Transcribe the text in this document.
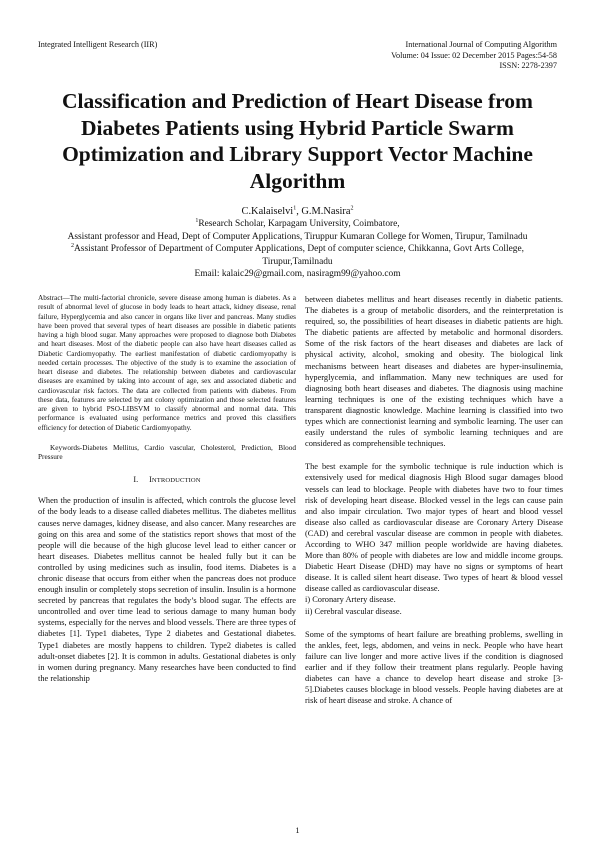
Integrated Intelligent Research (IIR)	International Journal of Computing Algorithm
Volume: 04 Issue: 02 December 2015 Pages:54-58
ISSN: 2278-2397
Classification and Prediction of Heart Disease from Diabetes Patients using Hybrid Particle Swarm Optimization and Library Support Vector Machine Algorithm
C.Kalaiselvi$^1$, G.M.Nasira$^2$
$^1$Research Scholar, Karpagam University, Coimbatore,
Assistant professor and Head, Dept of Computer Applications, Tiruppur Kumaran College for Women, Tirupur, Tamilnadu
$^2$Assistant Professor of Department of Computer Applications, Dept of computer science, Chikkanna, Govt Arts College,
Tirupur,Tamilnadu
Email: kalaic29@gmail.com, nasiragm99@yahoo.com

Abstract—The multi-factorial chronicle, severe disease among human is diabetes. As a result of abnormal level of glucose in body leads to heart attack, kidney disease, renal failure, Hyperglycemia and also cancer in organs like liver and pancreas. Many studies have been proved that several types of heart diseases are possible in diabetic patients having a high blood sugar. Many approaches were proposed to diagnose both Diabetes and heart diseases. Most of the diabetic people can also have heart diseases called as Diabetic Cardiomyopathy. The earliest manifestation of diabetic cardiomyopathy is needed certain processes. The objective of the study is to examine the association of heart disease and diabetes. The relationship between diabetes and cardiovascular diseases are examined by taking into account of age, sex and associated diabetic and cardiovascular risk factors. The data are collected from patients with diabetes. From these data, features are selected by ant colony optimization and those selected features are given to hybrid PSO-LIBSVM to classify abnormal and normal data. This performance is evaluated using performance metrics and proved this classifiers efficiency for detection of Diabetic Cardiomyopathy.

Keywords-Diabetes Mellitus, Cardio vascular, Cholesterol, Prediction, Blood Pressure

I. INTRODUCTION

When the production of insulin is affected, which controls the glucose level of the body leads to a disease called diabetes mellitus. The diabetes mellitus causes nerve damages, kidney disease, and also cancer. Many researches are going on this area and some of the statistics report shows that most of the people will die because of the high glucose level lead to either cancer or heart diseases. Diabetes mellitus cannot be healed fully but it can be controlled by using medicines such as insulin, food items. Diabetes is a chronic disease that occurs from either when the pancreas does not produce enough insulin or completely stops secretion of insulin. Insulin is a hormone secreted by pancreas that regulates the body’s blood sugar. The effects are uncontrolled and over time lead to serious damage to many human body systems, especially for the nerves and blood vessels. There are three types of diabetes [1]. Type1 diabetes, Type 2 diabetes and Gestational diabetes. Type1 diabetes are mostly happens to children. Type2 diabetes is called adult-onset diabetes [2]. It is common in adults. Gestational diabetes is only in women during pregnancy. Many researches have been conducted to find the relationship

between diabetes mellitus and heart diseases recently in diabetic patients. The diabetes is a group of metabolic disorders, and the reinterpretation is required, so, the possibilities of heart diseases in diabetic patients are high. The diabetic patients are affected by metabolic and hormonal disorders. Some of the risk factors of the heart diseases and diabetes are lack of physical activity, alcohol, smoking and obesity. The biological link mechanisms between heart diseases and diabetes are hyper-insulinemia, hyperglycemia, and inflammation. Many new techniques are used for diagnosing both heart diseases and diabetes. The diagnosis using machine learning techniques is one of the existing techniques which have a transparent diagnostic knowledge. Machine learning is classified into two types which are connectionist learning and symbolic learning. The user can easily understand the rules of symbolic learning techniques and are considered as comprehensible techniques.

The best example for the symbolic technique is rule induction which is extensively used for medical diagnosis High Blood sugar damages blood vessels can lead to blockage. People with diabetes have two to four times risk of developing heart disease. Blocked vessel in the legs can cause pain and also impair circulation. Two major types of heart and blood vessel disease also called as cardiovascular disease are Coronary Artery Disease (CAD) and cerebral vascular disease are common in people with diabetes. According to WHO 347 million people worldwide are having diabetes. More than 80% of people with diabetes are low and middle income groups. Diabetic Heart Disease (DHD) may have no signs or symptoms of heart disease. It is called silent heart disease. Two types of heart & blood vessel disease called as cardiovascular disease.

i) Coronary Artery disease.

ii) Cerebral vascular disease.

Some of the symptoms of heart failure are breathing problems, swelling in the ankles, feet, legs, abdomen, and veins in neck. People who have heart failure can live longer and more active lives if the condition is diagnosed earlier and if they follow their treatment plans regularly. People having diabetes can have a chance to develop heart disease and stroke [3-5].Diabetes causes blockage in blood vessels. People having diabetes are at risk of heart disease and stroke. A chance of

1
